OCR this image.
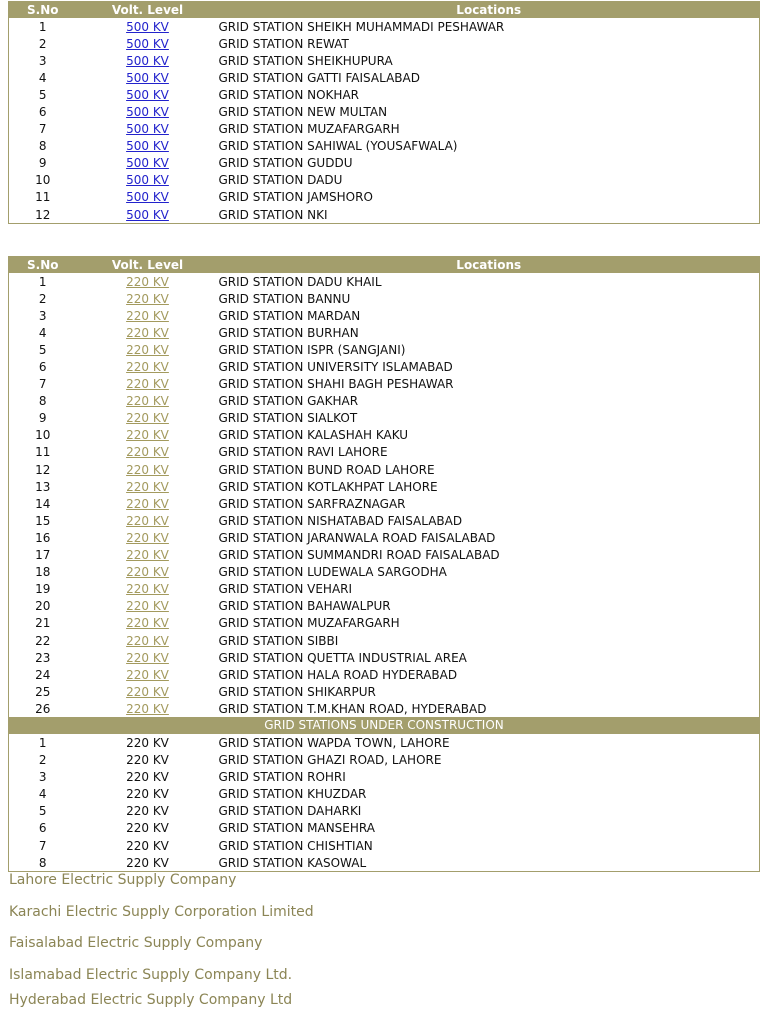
S.No	Volt. Level	Locations
1	500 KV	GRID STATION SHEIKH MUHAMMADI PESHAWAR
2	500 KV	GRID STATION REWAT
3	500 KV	GRID STATION SHEIKHUPURA
4	500 KV	GRID STATION GATTI FAISALABAD
5	500 KV	GRID STATION NOKHAR
6	500 KV	GRID STATION NEW MULTAN
7	500 KV	GRID STATION MUZAFARGARH
8	500 KV	GRID STATION SAHIWAL (YOUSAFWALA)
9	500 KV	GRID STATION GUDDU
10	500 KV	GRID STATION DADU
11	500 KV	GRID STATION JAMSHORO
12	500 KV	GRID STATION NKI
S.No	Volt. Level	Locations
1	220 KV	GRID STATION DADU KHAIL
2	220 KV	GRID STATION BANNU
3	220 KV	GRID STATION MARDAN
4	220 KV	GRID STATION BURHAN
5	220 KV	GRID STATION ISPR (SANGJANI)
6	220 KV	GRID STATION UNIVERSITY ISLAMABAD
7	220 KV	GRID STATION SHAHI BAGH PESHAWAR
8	220 KV	GRID STATION GAKHAR
9	220 KV	GRID STATION SIALKOT
10	220 KV	GRID STATION KALASHAH KAKU
11	220 KV	GRID STATION RAVI LAHORE
12	220 KV	GRID STATION BUND ROAD LAHORE
13	220 KV	GRID STATION KOTLAKHPAT LAHORE
14	220 KV	GRID STATION SARFRAZNAGAR
15	220 KV	GRID STATION NISHATABAD FAISALABAD
16	220 KV	GRID STATION JARANWALA ROAD FAISALABAD
17	220 KV	GRID STATION SUMMANDRI ROAD FAISALABAD
18	220 KV	GRID STATION LUDEWALA SARGODHA
19	220 KV	GRID STATION VEHARI
20	220 KV	GRID STATION BAHAWALPUR
21	220 KV	GRID STATION MUZAFARGARH
22	220 KV	GRID STATION SIBBI
23	220 KV	GRID STATION QUETTA INDUSTRIAL AREA
24	220 KV	GRID STATION HALA ROAD HYDERABAD
25	220 KV	GRID STATION SHIKARPUR
26	220 KV	GRID STATION T.M.KHAN ROAD, HYDERABAD
GRID STATIONS UNDER CONSTRUCTION		
1	220 KV	GRID STATION WAPDA TOWN, LAHORE
2	220 KV	GRID STATION GHAZI ROAD, LAHORE
3	220 KV	GRID STATION ROHRI
4	220 KV	GRID STATION KHUZDAR
5	220 KV	GRID STATION DAHARKI
6	220 KV	GRID STATION MANSEHRA
7	220 KV	GRID STATION CHISHTIAN
8	220 KV	GRID STATION KASOWAL
Lahore Electric Supply Company
Karachi Electric Supply Corporation Limited
Faisalabad Electric Supply Company
Islamabad Electric Supply Company Ltd.
Hyderabad Electric Supply Company Ltd
